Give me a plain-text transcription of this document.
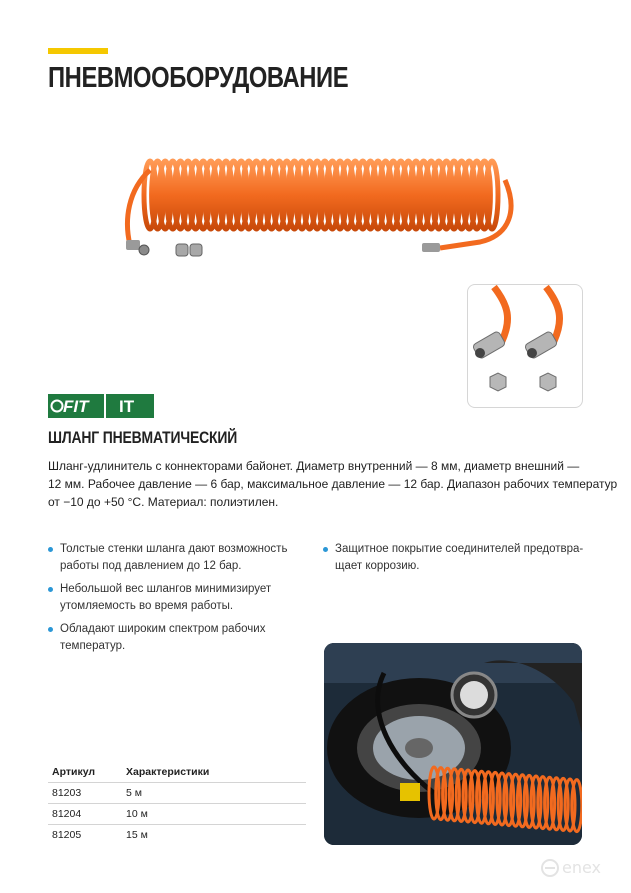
ПНЕВМООБОРУДОВАНИЕ
FIT IT
ШЛАНГ ПНЕВМАТИЧЕСКИЙ
Шланг-удлинитель с коннекторами байонет. Диаметр внутренний — 8 мм, диаметр внешний —
12 мм. Рабочее давление — 6 бар, максимальное давление — 12 бар. Диапазон рабочих температур
от −10 до +50 °C. Материал: полиэтилен.
Толстые стенки шланга дают возможность
работы под давлением до 12 бар.
Небольшой вес шлангов минимизирует
утомляемость во время работы.
Обладают широким спектром рабочих
температур.
Защитное покрытие соединителей предотвра-
щает коррозию.
Артикул	Характеристики
81203	5 м
81204	10 м
81205	15 м
enex
